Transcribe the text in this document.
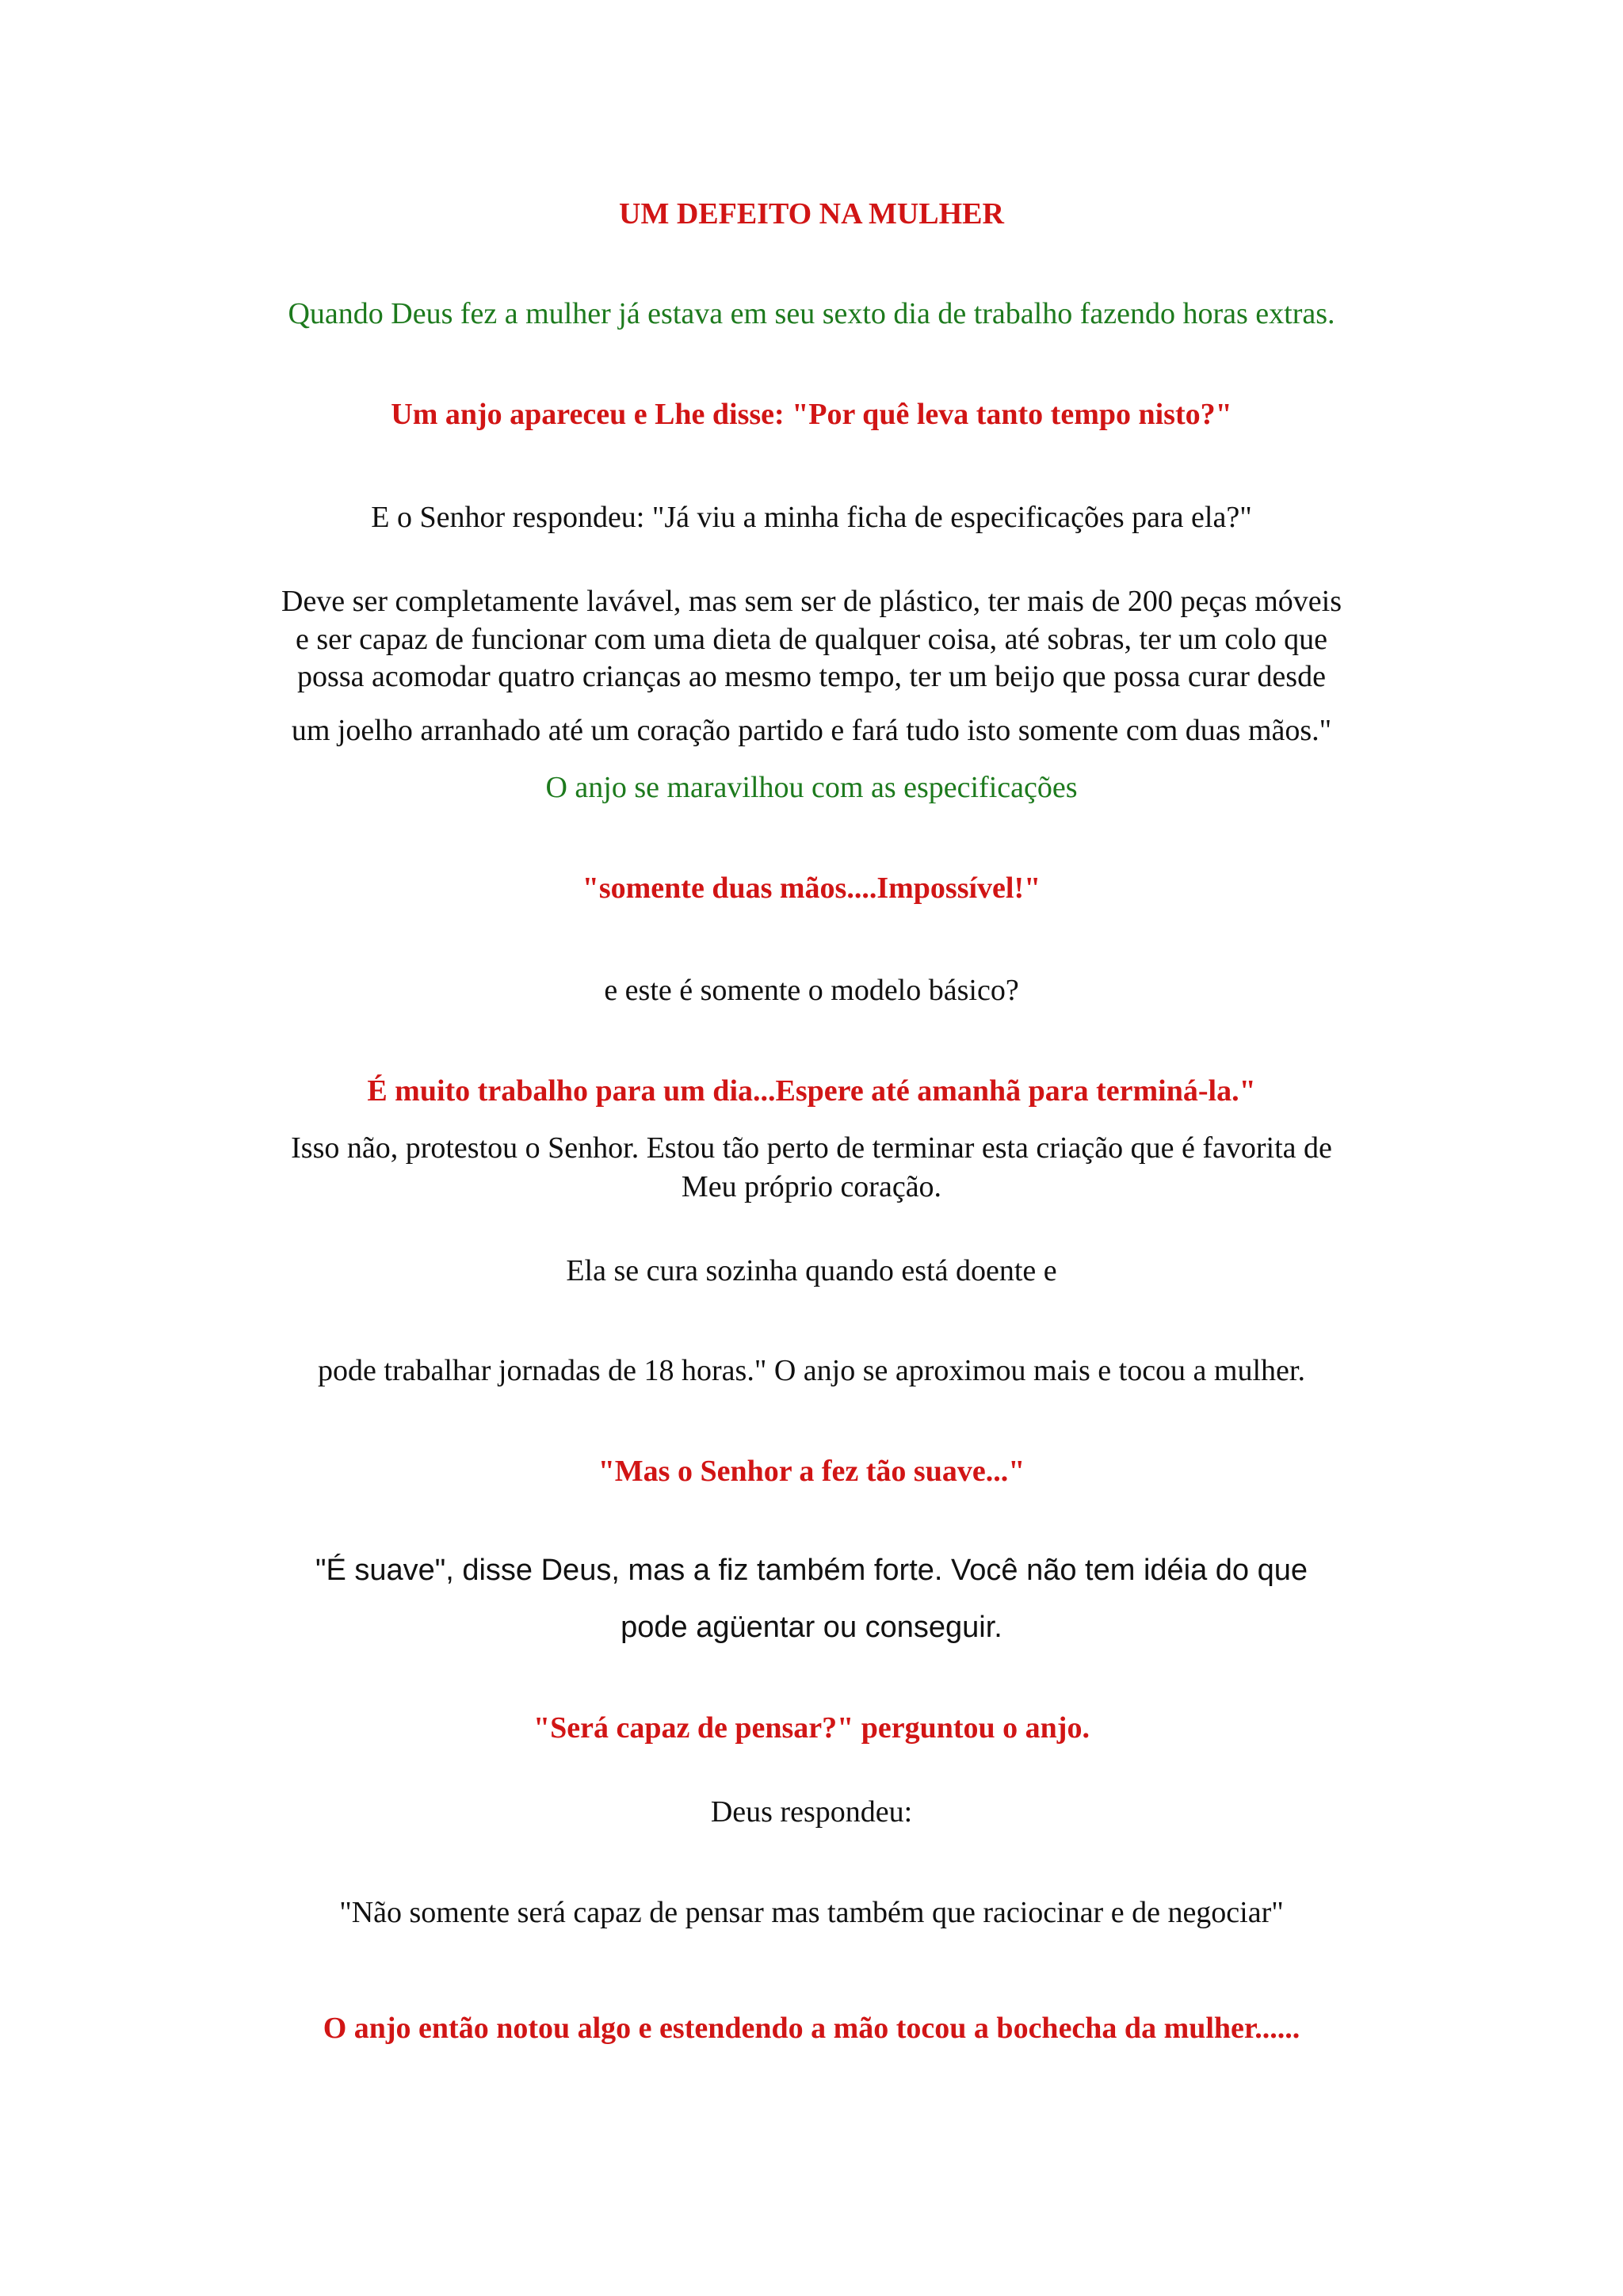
UM DEFEITO NA MULHER
Quando Deus fez a mulher já estava em seu sexto dia de trabalho fazendo horas extras.
Um anjo apareceu e Lhe disse: "Por quê leva tanto tempo nisto?"
E o Senhor respondeu: "Já viu a minha ficha de especificações para ela?"
Deve ser completamente lavável, mas sem ser de plástico, ter mais de 200 peças móveis
e ser capaz de funcionar com uma dieta de qualquer coisa, até sobras, ter um colo que
possa acomodar quatro crianças ao mesmo tempo, ter um beijo que possa curar desde
um joelho arranhado até um coração partido e fará tudo isto somente com duas mãos."
O anjo se maravilhou com as especificações
"somente duas mãos....Impossível!"
e este é somente o modelo básico?
É muito trabalho para um dia...Espere até amanhã para terminá-la."
Isso não, protestou o Senhor. Estou tão perto de terminar esta criação que é favorita de
Meu próprio coração.
Ela se cura sozinha quando está doente e
pode trabalhar jornadas de 18 horas." O anjo se aproximou mais e tocou a mulher.
"Mas o Senhor a fez tão suave..."
"É suave", disse Deus, mas a fiz também forte. Você não tem idéia do que
pode agüentar ou conseguir.
"Será capaz de pensar?" perguntou o anjo.
Deus respondeu:
"Não somente será capaz de pensar mas também que raciocinar e de negociar"
O anjo então notou algo e estendendo a mão tocou a bochecha da mulher......
